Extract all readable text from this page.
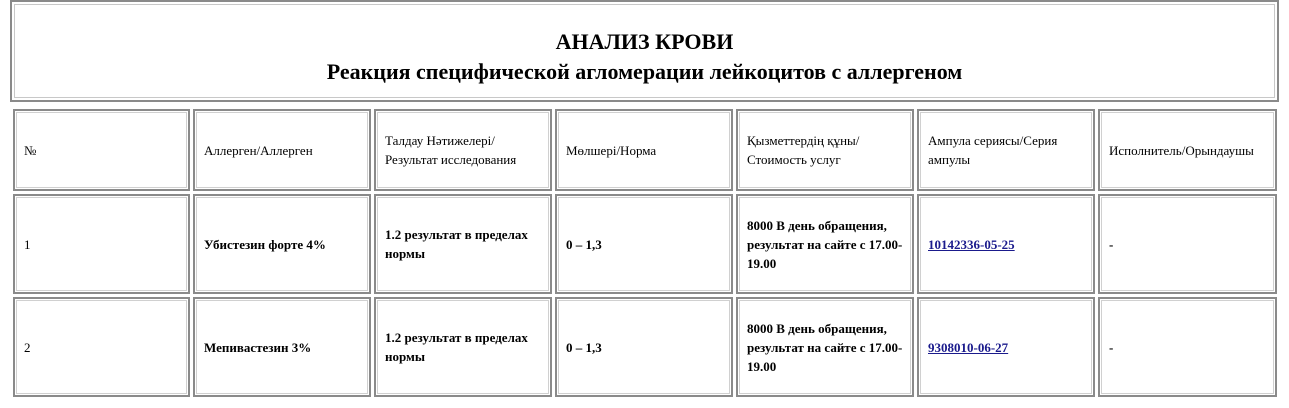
АНАЛИЗ КРОВИ
Реакция специфической агломерации лейкоцитов с аллергеном
№	Аллерген/Аллерген	Талдау Нәтижелері/ Результат исследования	Мөлшері/Норма	Қызметтердің құны/ Стоимость услуг	Ампула сериясы/Серия ампулы	Исполнитель/Орындаушы
1	Убистезин форте 4%	1.2 результат в пределах нормы	0 – 1,3	8000 В день обращения, результат на сайте с 17.00-19.00	10142336-05-25	-
2	Мепивастезин 3%	1.2 результат в пределах нормы	0 – 1,3	8000 В день обращения, результат на сайте с 17.00-19.00	9308010-06-27	-
